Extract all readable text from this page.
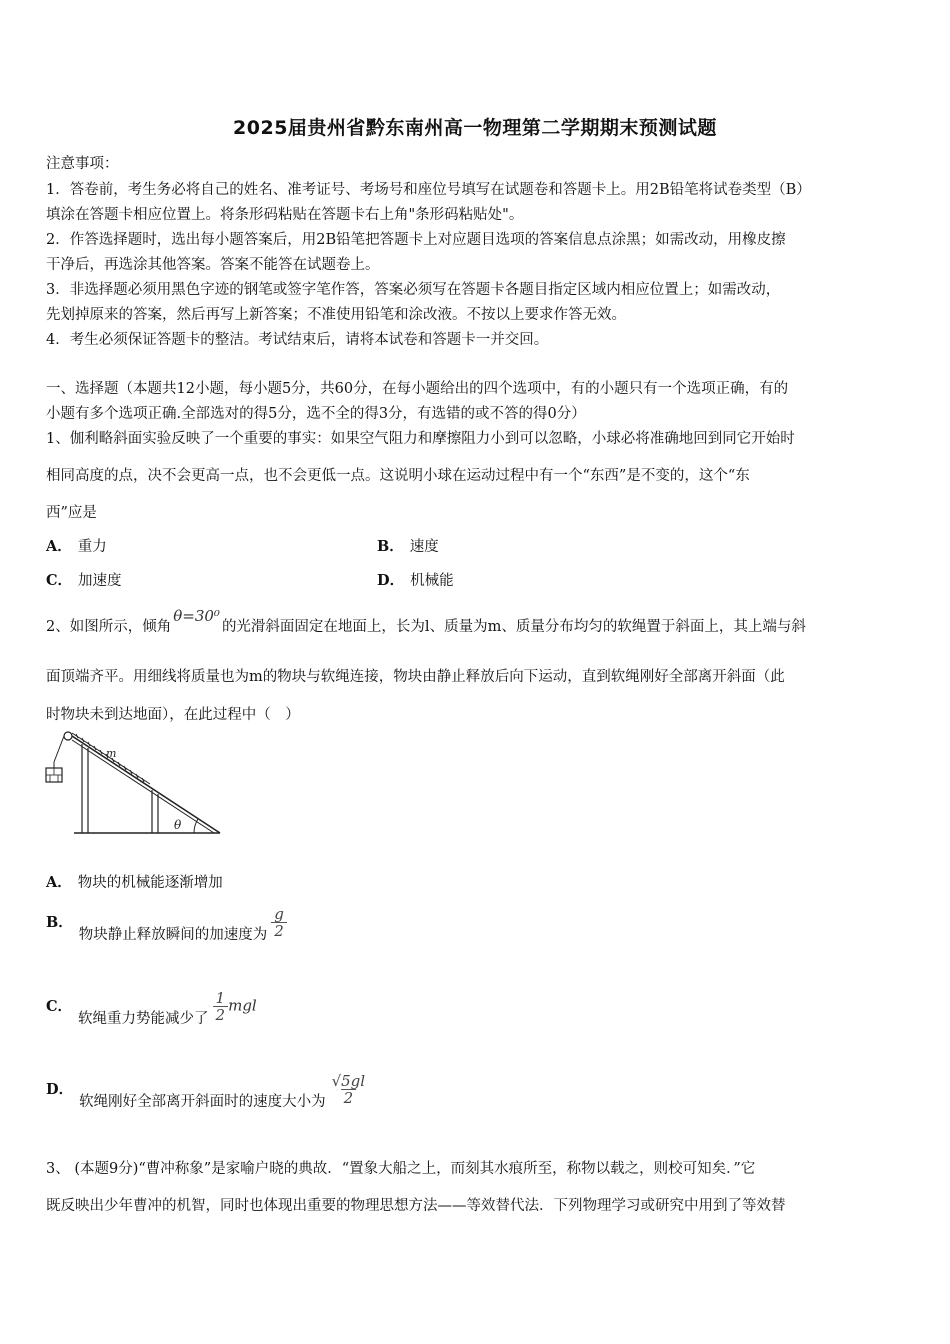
2025届贵州省黔东南州高一物理第二学期期末预测试题
注意事项：
1．答卷前，考生务必将自己的姓名、准考证号、考场号和座位号填写在试题卷和答题卡上。用2B铅笔将试卷类型（B）
填涂在答题卡相应位置上。将条形码粘贴在答题卡右上角"条形码粘贴处"。
2．作答选择题时，选出每小题答案后，用2B铅笔把答题卡上对应题目选项的答案信息点涂黑；如需改动，用橡皮擦
干净后，再选涂其他答案。答案不能答在试题卷上。
3．非选择题必须用黑色字迹的钢笔或签字笔作答，答案必须写在答题卡各题目指定区域内相应位置上；如需改动，
先划掉原来的答案，然后再写上新答案；不准使用铅笔和涂改液。不按以上要求作答无效。
4．考生必须保证答题卡的整洁。考试结束后，请将本试卷和答题卡一并交回。
一、选择题（本题共12小题，每小题5分，共60分，在每小题给出的四个选项中，有的小题只有一个选项正确，有的
小题有多个选项正确.全部选对的得5分，选不全的得3分，有选错的或不答的得0分）
1、伽利略斜面实验反映了一个重要的事实：如果空气阻力和摩擦阻力小到可以忽略，小球必将准确地回到同它开始时
相同高度的点，决不会更高一点，也不会更低一点。这说明小球在运动过程中有一个“东西”是不变的，这个“东
西”应是
A． 重力	B． 速度
C． 加速度	D． 机械能
2、如图所示，倾角θ=30⁰的光滑斜面固定在地面上，长为l、质量为m、质量分布均匀的软绳置于斜面上，其上端与斜
面顶端齐平。用细线将质量也为m的物块与软绳连接，物块由静止释放后向下运动，直到软绳刚好全部离开斜面（此
时物块未到达地面），在此过程中（　）
m
θ
A． 物块的机械能逐渐增加
B．物块静止释放瞬间的加速度为 $\frac{g}{2}$
C．软绳重力势能减少了 $\frac{1}{2}$ mgl
D．软绳刚好全部离开斜面时的速度大小为 $\frac{√5gl}{2}$
3、 (本题9分)“曹冲称象”是家喻户晓的典故．“置象大船之上，而刻其水痕所至，称物以载之，则校可知矣．”它
既反映出少年曹冲的机智，同时也体现出重要的物理思想方法——等效替代法．下列物理学习或研究中用到了等效替
